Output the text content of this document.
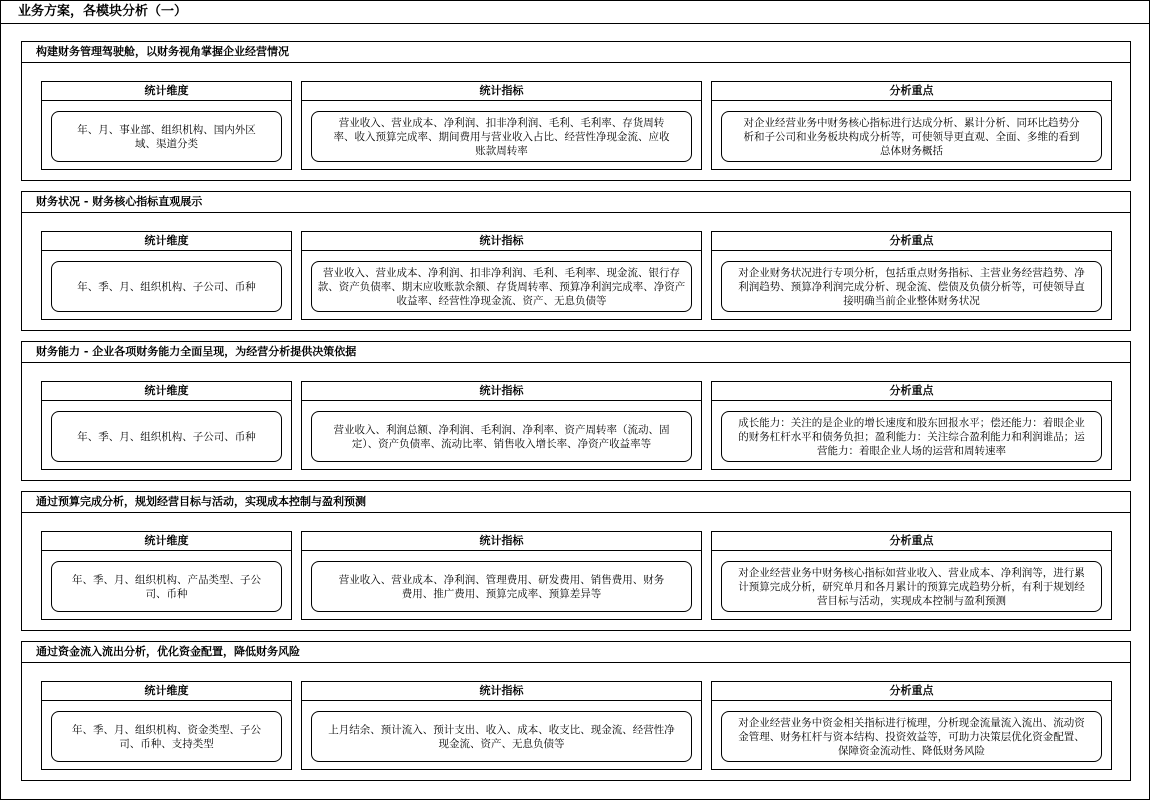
业务方案，各模块分析（一）
构建财务管理驾驶舱，以财务视角掌握企业经营情况
统计维度
年、月、事业部、组织机构、国内外区域、渠道分类
统计指标
营业收入、营业成本、净利润、扣非净利润、毛利、毛利率、存货周转率、收入预算完成率、期间费用与营业收入占比、经营性净现金流、应收账款周转率
分析重点
对企业经营业务中财务核心指标进行达成分析、累计分析、同环比趋势分析和子公司和业务板块构成分析等，可使领导更直观、全面、多维的看到总体财务概括
财务状况 - 财务核心指标直观展示
统计维度
年、季、月、组织机构、子公司、币种
统计指标
营业收入、营业成本、净利润、扣非净利润、毛利、毛利率、现金流、银行存款、资产负债率、期末应收账款余额、存货周转率、预算净利润完成率、净资产收益率、经营性净现金流、资产、无息负债等
分析重点
对企业财务状况进行专项分析，包括重点财务指标、主营业务经营趋势、净利润趋势、预算净利润完成分析、现金流、偿债及负债分析等，可使领导直接明确当前企业整体财务状况
财务能力 - 企业各项财务能力全面呈现，为经营分析提供决策依据
统计维度
年、季、月、组织机构、子公司、币种
统计指标
营业收入、利润总额、净利润、毛利润、净利率、资产周转率（流动、固定）、资产负债率、流动比率、销售收入增长率、净资产收益率等
分析重点
成长能力：关注的是企业的增长速度和股东回报水平；偿还能力：着眼企业的财务杠杆水平和债务负担；盈利能力：关注综合盈利能力和利润谁品；运营能力：着眼企业人场的运营和周转速率
通过预算完成分析，规划经营目标与活动，实现成本控制与盈利预测
统计维度
年、季、月、组织机构、产品类型、子公司、币种
统计指标
营业收入、营业成本、净利润、管理费用、研发费用、销售费用、财务费用、推广费用、预算完成率、预算差异等
分析重点
对企业经营业务中财务核心指标如营业收入、营业成本、净利润等，进行累计预算完成分析，研究单月和各月累计的预算完成趋势分析，有利于规划经营目标与活动，实现成本控制与盈利预测
通过资金流入流出分析，优化资金配置，降低财务风险
统计维度
年、季、月、组织机构、资金类型、子公司、币种、支持类型
统计指标
上月结余、预计流入、预计支出、收入、成本、收支比、现金流、经营性净现金流、资产、无息负债等
分析重点
对企业经营业务中资金相关指标进行梳理，分析现金流量流入流出、流动资金管理、财务杠杆与资本结构、投资效益等，可助力决策层优化资金配置、保障资金流动性、降低财务风险
